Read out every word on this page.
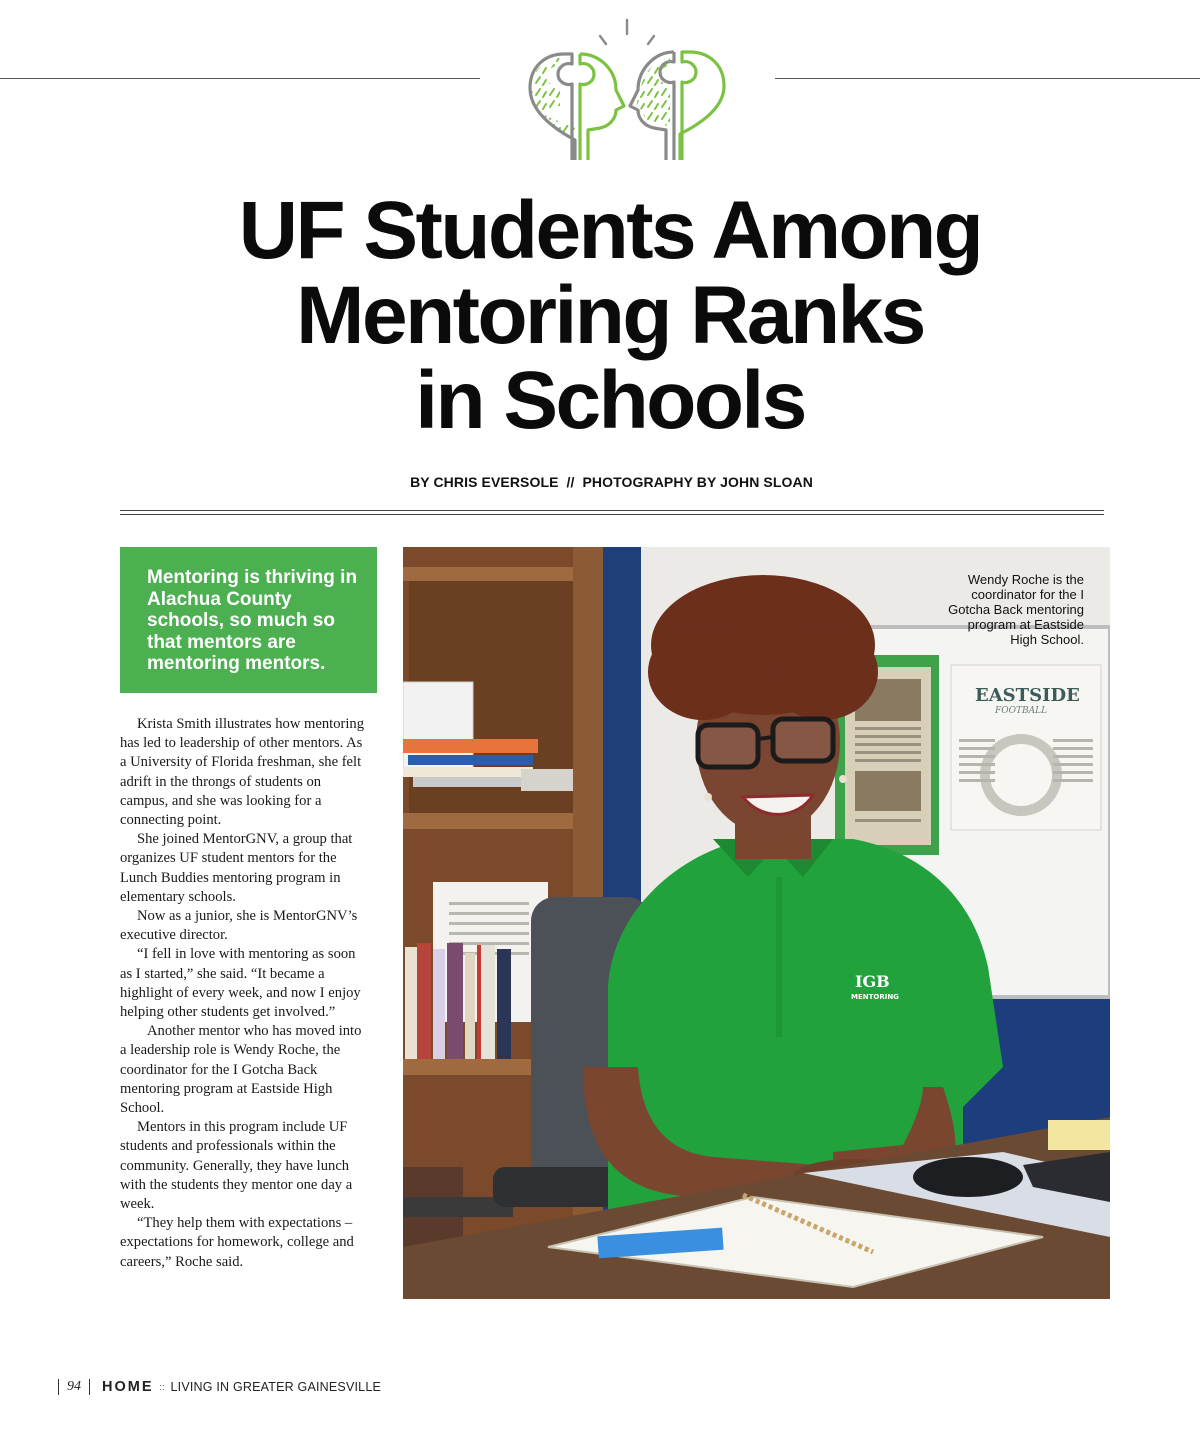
UF Students Among
Mentoring Ranks
in Schools
BY CHRIS EVERSOLE  //  PHOTOGRAPHY BY JOHN SLOAN

Mentoring is thriving in Alachua County schools, so much so that mentors are mentoring mentors.

Krista Smith illustrates how mentoring has led to leadership of other mentors. As a University of Florida freshman, she felt adrift in the throngs of students on campus, and she was looking for a connecting point.

She joined MentorGNV, a group that organizes UF student mentors for the Lunch Buddies mentoring program in elementary schools.

Now as a junior, she is MentorGNV’s executive director.

“I fell in love with mentoring as soon as I started,” she said. “It became a highlight of every week, and now I enjoy helping other students get involved.”

Another mentor who has moved into a leadership role is Wendy Roche, the coordinator for the I Gotcha Back mentoring program at Eastside High School.

Mentors in this program include UF students and professionals within the community. Generally, they have lunch with the students they mentor one day a week.

“They help them with expectations – expectations for homework, college and careers,” Roche said.

EASTSIDE
FOOTBALL
IGB
MENTORING
Wendy Roche is the coordinator for the I Gotcha Back mentoring program at Eastside High School.
94 HOME :: LIVING IN GREATER GAINESVILLE
